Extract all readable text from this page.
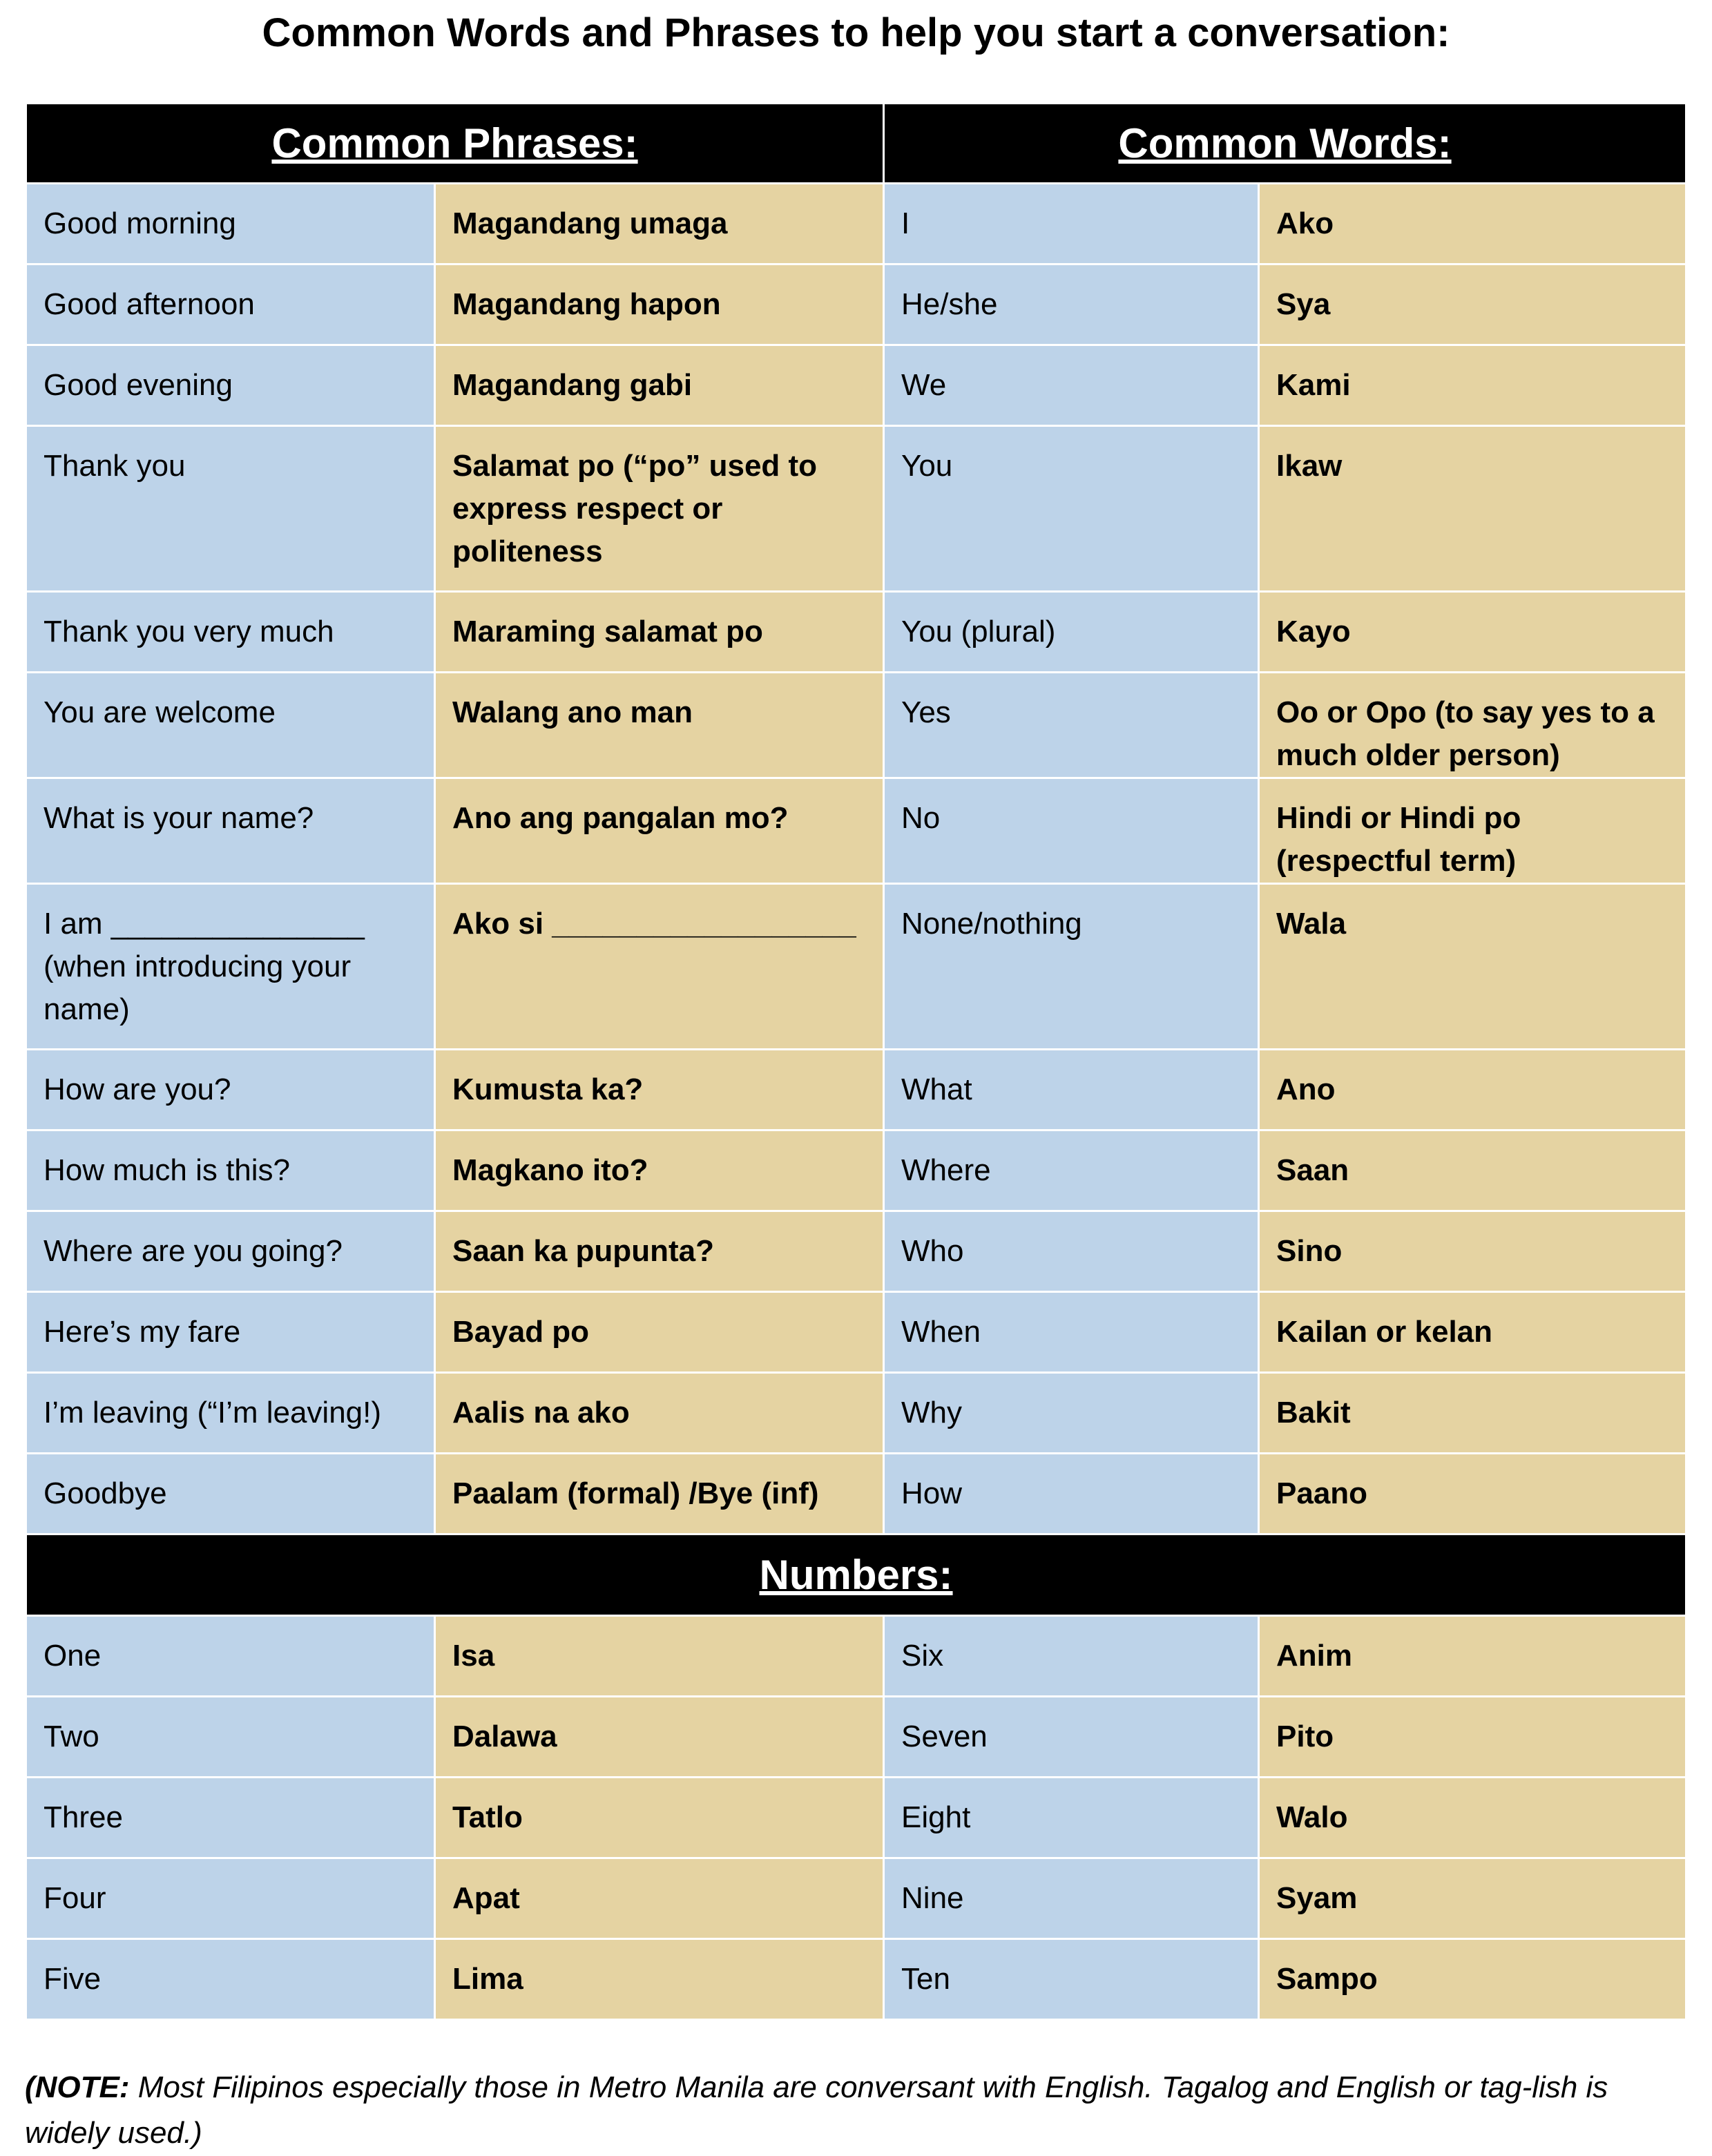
Common Words and Phrases to help you start a conversation:
Common Phrases:		Common Words:	
Good morning	Magandang umaga	I	Ako
Good afternoon	Magandang hapon	He/she	Sya
Good evening	Magandang gabi	We	Kami
Thank you	Salamat po (“po” used to express respect or politeness	You	Ikaw
Thank you very much	Maraming salamat po	You (plural)	Kayo
You are welcome	Walang ano man	Yes	Oo or Opo (to say yes to a much older person)
What is your name?	Ano ang pangalan mo?	No	Hindi or Hindi po (respectful term)
I am _______________ (when introducing your name)	Ako si __________________	None/nothing	Wala
How are you?	Kumusta ka?	What	Ano
How much is this?	Magkano ito?	Where	Saan
Where are you going?	Saan ka pupunta?	Who	Sino
Here’s my fare	Bayad po	When	Kailan or kelan
I’m leaving (“I’m leaving!)	Aalis na ako	Why	Bakit
Goodbye	Paalam (formal) /Bye (inf)	How	Paano
Numbers:			
One	Isa	Six	Anim
Two	Dalawa	Seven	Pito
Three	Tatlo	Eight	Walo
Four	Apat	Nine	Syam
Five	Lima	Ten	Sampo
(NOTE: Most Filipinos especially those in Metro Manila are conversant with English. Tagalog and English or tag-lish is widely used.)
